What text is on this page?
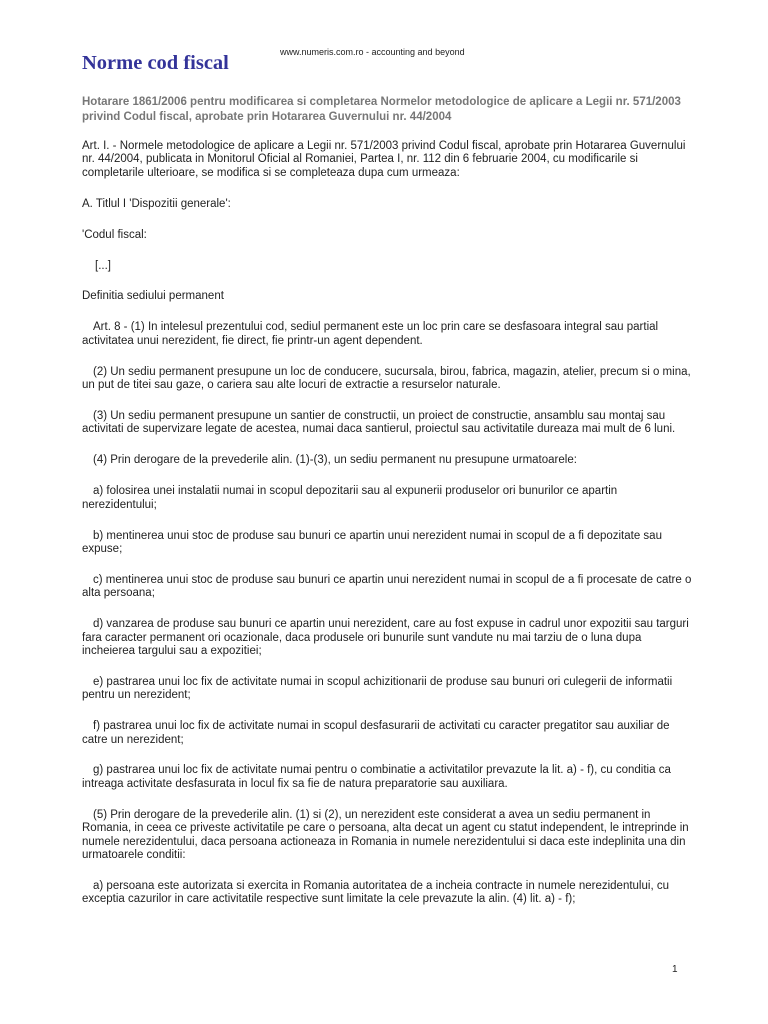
www.numeris.com.ro - accounting and beyond
Norme cod fiscal

Hotarare 1861/2006 pentru modificarea si completarea Normelor metodologice de aplicare a Legii nr. 571/2003 privind Codul fiscal, aprobate prin Hotararea Guvernului nr. 44/2004

Art. I. - Normele metodologice de aplicare a Legii nr. 571/2003 privind Codul fiscal, aprobate prin Hotararea Guvernului nr. 44/2004, publicata in Monitorul Oficial al Romaniei, Partea I, nr. 112 din 6 februarie 2004, cu modificarile si completarile ulterioare, se modifica si se completeaza dupa cum urmeaza:

A. Titlul I 'Dispozitii generale':

'Codul fiscal:

[...]

Definitia sediului permanent

Art. 8 - (1) In intelesul prezentului cod, sediul permanent este un loc prin care se desfasoara integral sau partial activitatea unui nerezident, fie direct, fie printr-un agent dependent.

(2) Un sediu permanent presupune un loc de conducere, sucursala, birou, fabrica, magazin, atelier, precum si o mina, un put de titei sau gaze, o cariera sau alte locuri de extractie a resurselor naturale.

(3) Un sediu permanent presupune un santier de constructii, un proiect de constructie, ansamblu sau montaj sau activitati de supervizare legate de acestea, numai daca santierul, proiectul sau activitatile dureaza mai mult de 6 luni.

(4) Prin derogare de la prevederile alin. (1)-(3), un sediu permanent nu presupune urmatoarele:

a) folosirea unei instalatii numai in scopul depozitarii sau al expunerii produselor ori bunurilor ce apartin nerezidentului;

b) mentinerea unui stoc de produse sau bunuri ce apartin unui nerezident numai in scopul de a fi depozitate sau expuse;

c) mentinerea unui stoc de produse sau bunuri ce apartin unui nerezident numai in scopul de a fi procesate de catre o alta persoana;

d) vanzarea de produse sau bunuri ce apartin unui nerezident, care au fost expuse in cadrul unor expozitii sau targuri fara caracter permanent ori ocazionale, daca produsele ori bunurile sunt vandute nu mai tarziu de o luna dupa incheierea targului sau a expozitiei;

e) pastrarea unui loc fix de activitate numai in scopul achizitionarii de produse sau bunuri ori culegerii de informatii pentru un nerezident;

f) pastrarea unui loc fix de activitate numai in scopul desfasurarii de activitati cu caracter pregatitor sau auxiliar de catre un nerezident;

g) pastrarea unui loc fix de activitate numai pentru o combinatie a activitatilor prevazute la lit. a) - f), cu conditia ca intreaga activitate desfasurata in locul fix sa fie de natura preparatorie sau auxiliara.

(5) Prin derogare de la prevederile alin. (1) si (2), un nerezident este considerat a avea un sediu permanent in Romania, in ceea ce priveste activitatile pe care o persoana, alta decat un agent cu statut independent, le intreprinde in numele nerezidentului, daca persoana actioneaza in Romania in numele nerezidentului si daca este indeplinita una din urmatoarele conditii:

a) persoana este autorizata si exercita in Romania autoritatea de a incheia contracte in numele nerezidentului, cu exceptia cazurilor in care activitatile respective sunt limitate la cele prevazute la alin. (4) lit. a) - f);

1
